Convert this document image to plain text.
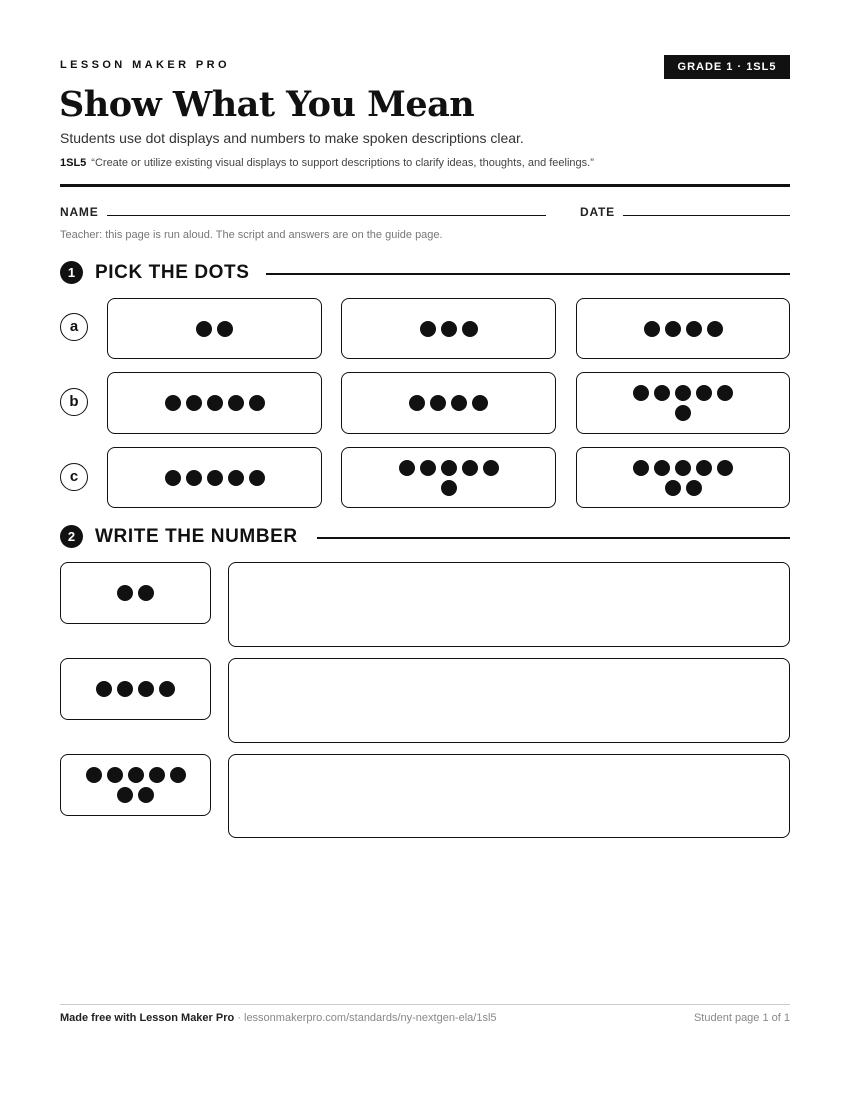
LESSON MAKER PRO	GRADE 1 · 1SL5
Show What You Mean
Students use dot displays and numbers to make spoken descriptions clear.
1SL5 “Create or utilize existing visual displays to support descriptions to clarify ideas, thoughts, and feelings.”
NAME	DATE
Teacher: this page is run aloud. The script and answers are on the guide page.
1	PICK THE DOTS
a
b
c
2	WRITE THE NUMBER
Made free with Lesson Maker Pro · lessonmakerpro.com/standards/ny-nextgen-ela/1sl5	Student page 1 of 1
